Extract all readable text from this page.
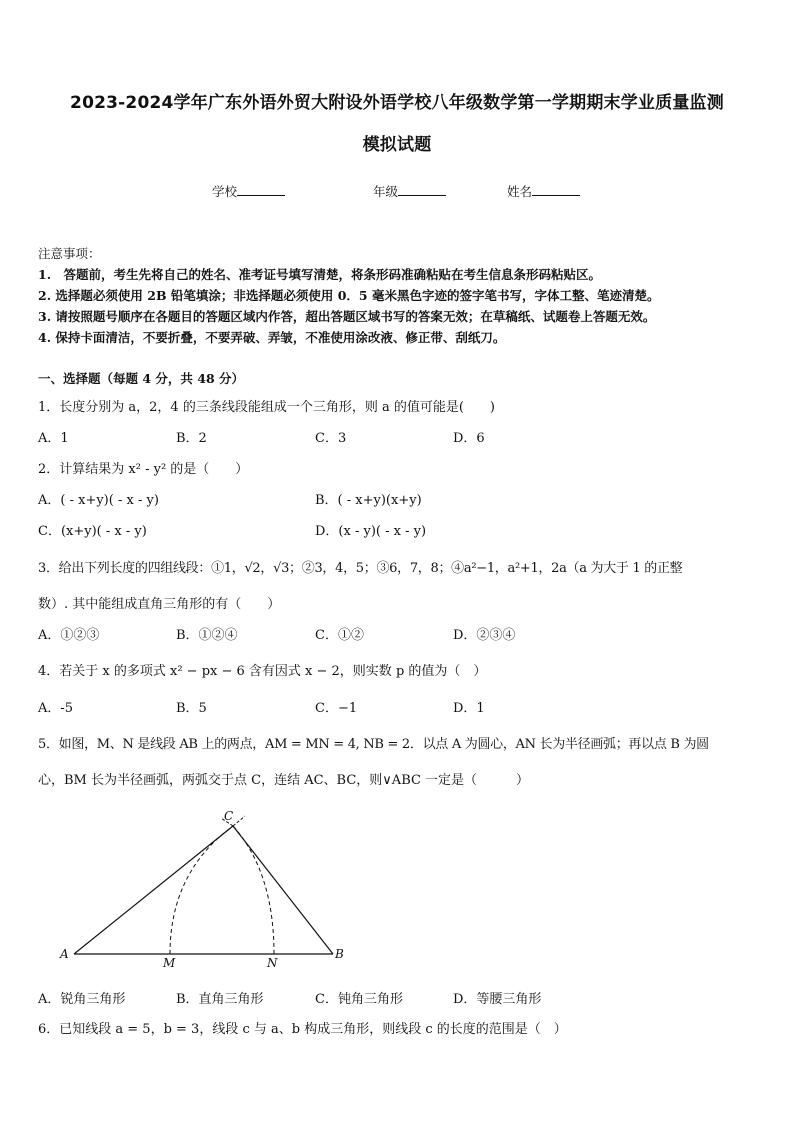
2023-2024学年广东外语外贸大附设外语学校八年级数学第一学期期末学业质量监测
模拟试题
学校	年级	姓名
注意事项：
1.　答题前，考生先将自己的姓名、准考证号填写清楚，将条形码准确粘贴在考生信息条形码粘贴区。
2. 选择题必须使用 2B 铅笔填涂；非选择题必须使用 0．5 毫米黑色字迹的签字笔书写，字体工整、笔迹清楚。
3. 请按照题号顺序在各题目的答题区域内作答，超出答题区域书写的答案无效；在草稿纸、试题卷上答题无效。
4. 保持卡面清洁，不要折叠，不要弄破、弄皱，不准使用涂改液、修正带、刮纸刀。
一、选择题（每题 4 分，共 48 分）
1．长度分别为 a，2，4 的三条线段能组成一个三角形，则 a 的值可能是(　　)
A．1	B．2	C．3	D．6
2．计算结果为 x² - y² 的是（　　）
A．( - x+y)( - x - y)	B．( - x+y)(x+y)
C．(x+y)( - x - y)	D．(x - y)( - x - y)
3．给出下列长度的四组线段：①1，√2，√3；②3，4，5；③6，7，8；④a²−1，a²+1，2a（a 为大于 1 的正整
数）. 其中能组成直角三角形的有（　　）
A．①②③	B．①②④	C．①②	D．②③④
4．若关于 x 的多项式 x² − px − 6 含有因式 x − 2，则实数 p 的值为（　）
A．-5	B．5	C．−1	D．1
5．如图，M、N 是线段 AB 上的两点，AM = MN = 4, NB = 2．以点 A 为圆心，AN 长为半径画弧；再以点 B 为圆
心，BM 长为半径画弧，两弧交于点 C，连结 AC、BC，则∨ABC 一定是（　　　）
C
A
M	N
B
A．锐角三角形	B．直角三角形	C．钝角三角形	D．等腰三角形
6．已知线段 a = 5，b = 3，线段 c 与 a、b 构成三角形，则线段 c 的长度的范围是（　）
